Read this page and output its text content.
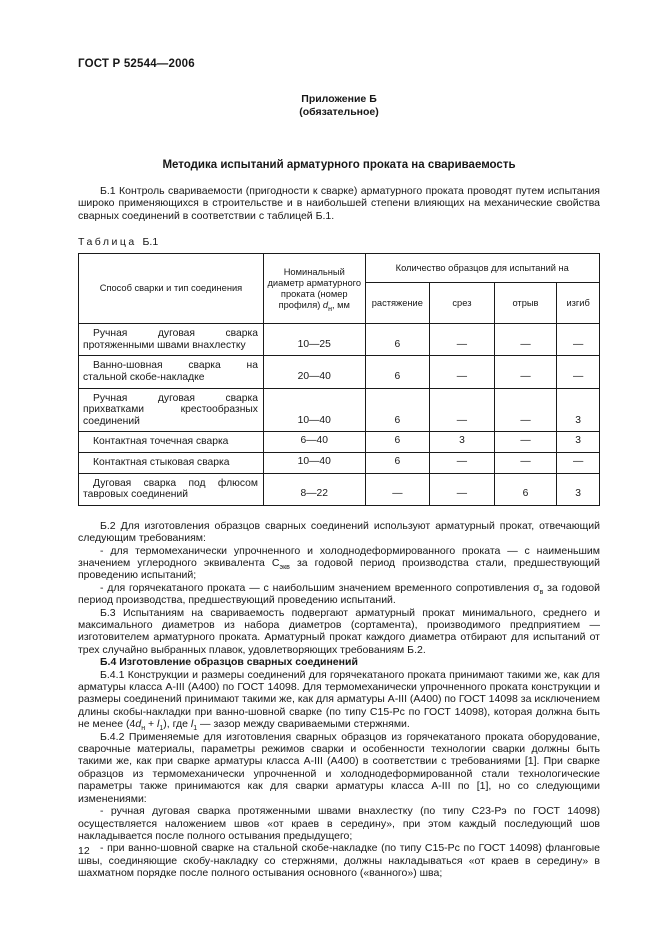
ГОСТ Р 52544—2006
Приложение Б
(обязательное)
Методика испытаний арматурного проката на свариваемость

Б.1 Контроль свариваемости (пригодности к сварке) арматурного проката проводят путем испытания широко применяющихся в строительстве и в наибольшей степени влияющих на механические свойства сварных соединений в соответствии с таблицей Б.1.

Таблица Б.1
Способ сварки и тип соединения	Номинальный диаметр арматурного проката (номер профиля) $d_н$, мм	Количество образцов для испытаний на			
		растяжение	срез	отрыв	изгиб
Ручная дуговая сварка протяженными швами внахлестку	10—25	6	—	—	—
Ванно-шовная сварка на стальной скобе-накладке	20—40	6	—	—	—
Ручная дуговая сварка прихватками крестообразных соединений	10—40	6	—	—	3
Контактная точечная сварка	6—40	6	3	—	3
Контактная стыковая сварка	10—40	6	—	—	—
Дуговая сварка под флюсом тавровых соединений	8—22	—	—	6	3

Б.2 Для изготовления образцов сварных соединений используют арматурный прокат, отвечающий следующим требованиям:

- для термомеханически упрочненного и холоднодеформированного проката — с наименьшим значением углеродного эквивалента $С_{экв}$ за годовой период производства стали, предшествующий проведению испытаний;

- для горячекатаного проката — с наибольшим значением временного сопротивления $\sigma_в$ за годовой период производства, предшествующий проведению испытаний.

Б.3 Испытаниям на свариваемость подвергают арматурный прокат минимального, среднего и максимального диаметров из набора диаметров (сортамента), производимого предприятием — изготовителем арматурного проката. Арматурный прокат каждого диаметра отбирают для испытаний от трех случайно выбранных плавок, удовлетворяющих требованиям Б.2.

Б.4 Изготовление образцов сварных соединений

Б.4.1 Конструкции и размеры соединений для горячекатаного проката принимают такими же, как для арматуры класса А-III (А400) по ГОСТ 14098. Для термомеханически упрочненного проката конструкции и размеры соединений принимают такими же, как для арматуры А-III (А400) по ГОСТ 14098 за исключением длины скобы-накладки при ванно-шовной сварке (по типу С15-Рс по ГОСТ 14098), которая должна быть не менее $(4d_н + l_1)$, где $l_1$ — зазор между свариваемыми стержнями.

Б.4.2 Применяемые для изготовления сварных образцов из горячекатаного проката оборудование, сварочные материалы, параметры режимов сварки и особенности технологии сварки должны быть такими же, как при сварке арматуры класса А-III (А400) в соответствии с требованиями [1]. При сварке образцов из термомеханически упрочненной и холоднодеформированной стали технологические параметры также принимаются как для сварки арматуры класса А-III по [1], но со следующими изменениями:

- ручная дуговая сварка протяженными швами внахлестку (по типу С23-Рэ по ГОСТ 14098) осуществляется наложением швов «от краев в середину», при этом каждый последующий шов накладывается после полного остывания предыдущего;

- при ванно-шовной сварке на стальной скобе-накладке (по типу С15-Рс по ГОСТ 14098) фланговые швы, соединяющие скобу-накладку со стержнями, должны накладываться «от краев в середину» в шахматном порядке после полного остывания основного («ванного») шва;

12
